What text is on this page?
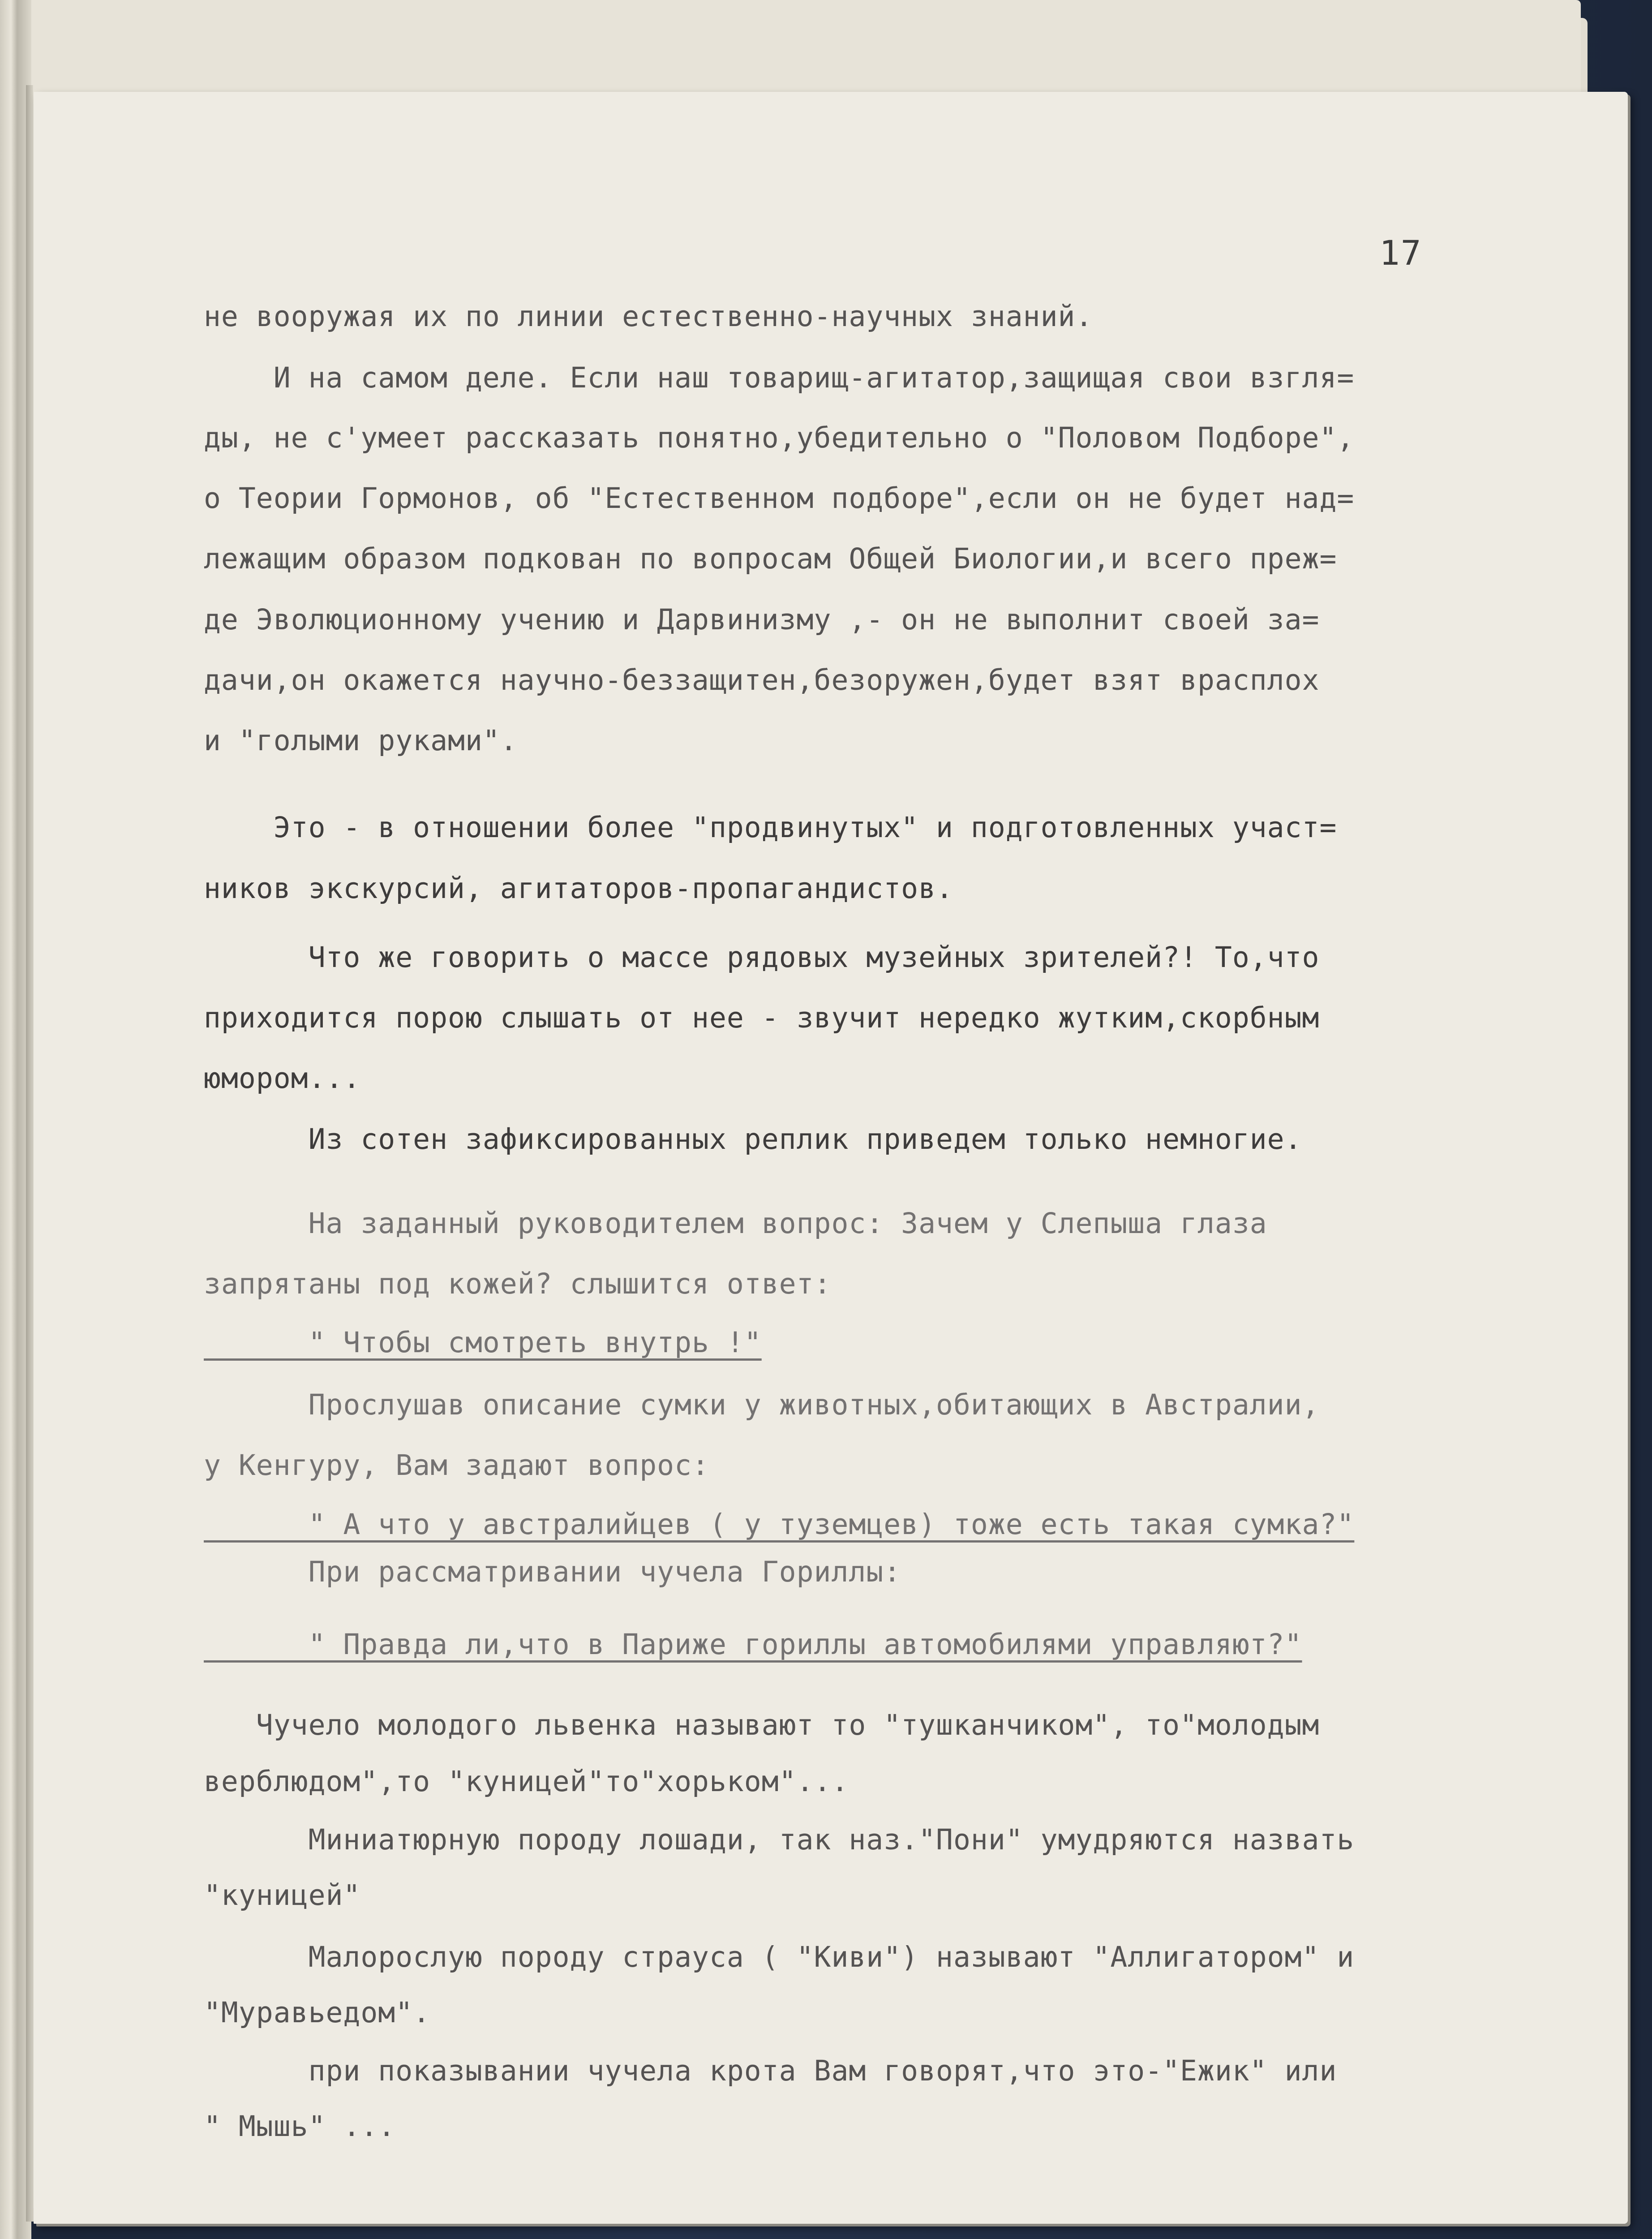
17
не вооружая их по линии естественно-научных знаний.
И на самом деле. Если наш товарищ-агитатор,защищая свои взгля=
ды, не с'умеет рассказать понятно,убедительно о "Половом Подборе",
о Теории Гормонов, об "Естественном подборе",если он не будет над=
лежащим образом подкован по вопросам Общей Биологии,и всего преж=
де Эволюционному учению и Дарвинизму ,- он не выполнит своей за=
дачи,он окажется научно-беззащитен,безоружен,будет взят врасплох
и "голыми руками".
Это - в отношении более "продвинутых" и подготовленных участ=
ников экскурсий, агитаторов-пропагандистов.
Что же говорить о массе рядовых музейных зрителей?! То,что
приходится порою слышать от нее - звучит нередко жутким,скорбным
юмором...
Из сотен зафиксированных реплик приведем только немногие.
На заданный руководителем вопрос: Зачем у Слепыша глаза
запрятаны под кожей? слышится ответ:
" Чтобы смотреть внутрь !"
Прослушав описание сумки у животных,обитающих в Австралии,
у Кенгуру, Вам задают вопрос:
" А что у австралийцев ( у туземцев) тоже есть такая сумка?"
При рассматривании чучела Гориллы:
" Правда ли,что в Париже гориллы автомобилями управляют?"
Чучело молодого львенка называют то "тушканчиком", то"молодым
верблюдом",то "куницей"то"хорьком"...
Миниатюрную породу лошади, так наз."Пони" умудряются назвать
"куницей"
Малорослую породу страуса ( "Киви") называют "Аллигатором" и
"Муравьедом".
при показывании чучела крота Вам говорят,что это-"Ежик" или
" Мышь" ...
